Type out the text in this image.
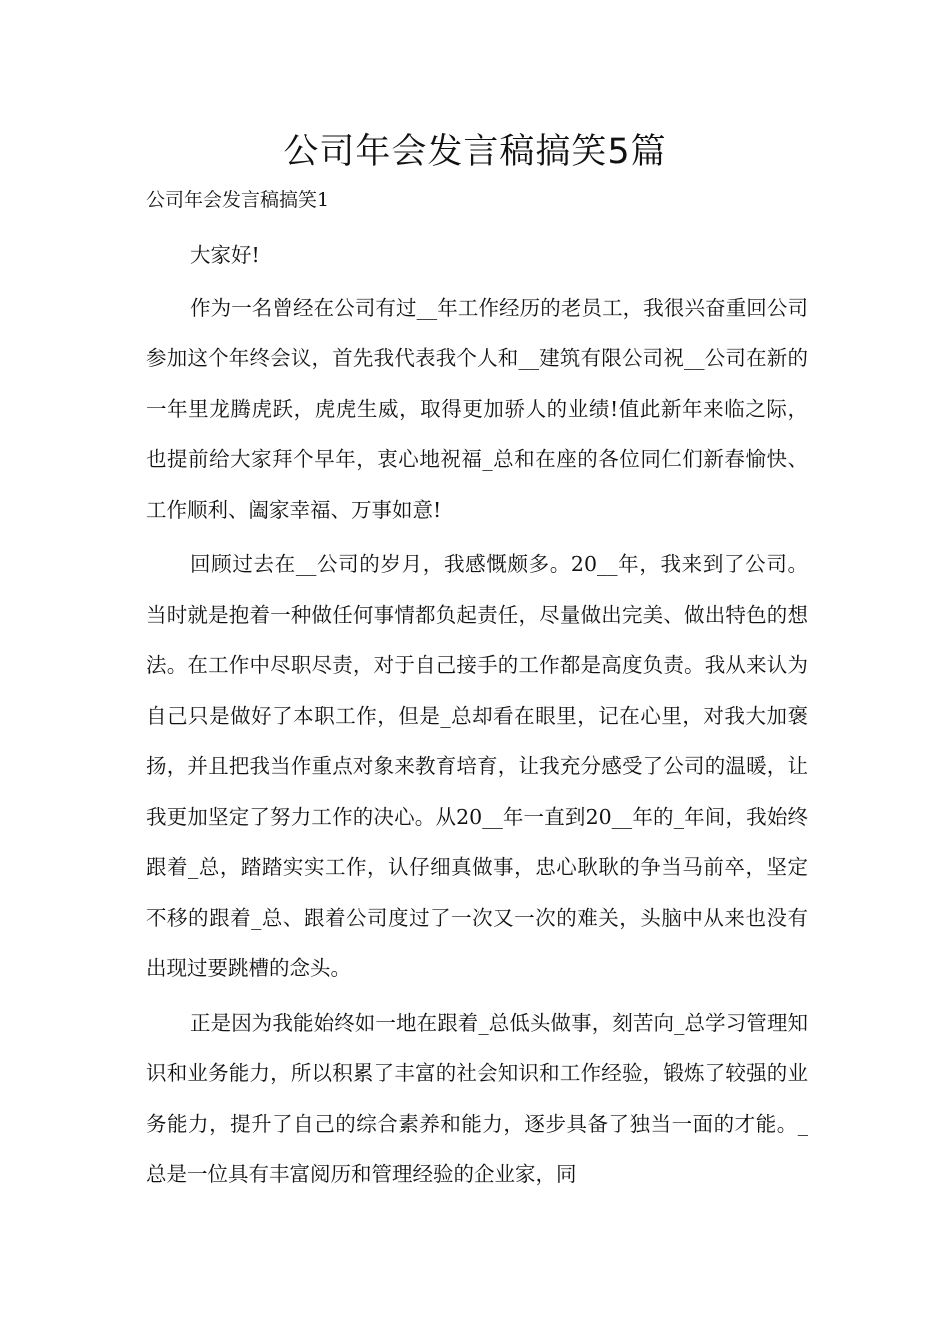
公司年会发言稿搞笑5篇
公司年会发言稿搞笑1

大家好!

作为一名曾经在公司有过__年工作经历的老员工，我很兴奋重回公司参加这个年终会议，首先我代表我个人和__建筑有限公司祝__公司在新的一年里龙腾虎跃，虎虎生威，取得更加骄人的业绩!值此新年来临之际，也提前给大家拜个早年，衷心地祝福_总和在座的各位同仁们新春愉快、工作顺利、阖家幸福、万事如意!

回顾过去在__公司的岁月，我感慨颇多。20__年，我来到了公司。当时就是抱着一种做任何事情都负起责任，尽量做出完美、做出特色的想法。在工作中尽职尽责，对于自己接手的工作都是高度负责。我从来认为自己只是做好了本职工作，但是_总却看在眼里，记在心里，对我大加褒扬，并且把我当作重点对象来教育培育，让我充分感受了公司的温暖，让我更加坚定了努力工作的决心。从20__年一直到20__年的_年间，我始终跟着_总，踏踏实实工作，认仔细真做事，忠心耿耿的争当马前卒，坚定不移的跟着_总、跟着公司度过了一次又一次的难关，头脑中从来也没有出现过要跳槽的念头。

正是因为我能始终如一地在跟着_总低头做事，刻苦向_总学习管理知识和业务能力，所以积累了丰富的社会知识和工作经验，锻炼了较强的业务能力，提升了自己的综合素养和能力，逐步具备了独当一面的才能。_总是一位具有丰富阅历和管理经验的企业家，同
